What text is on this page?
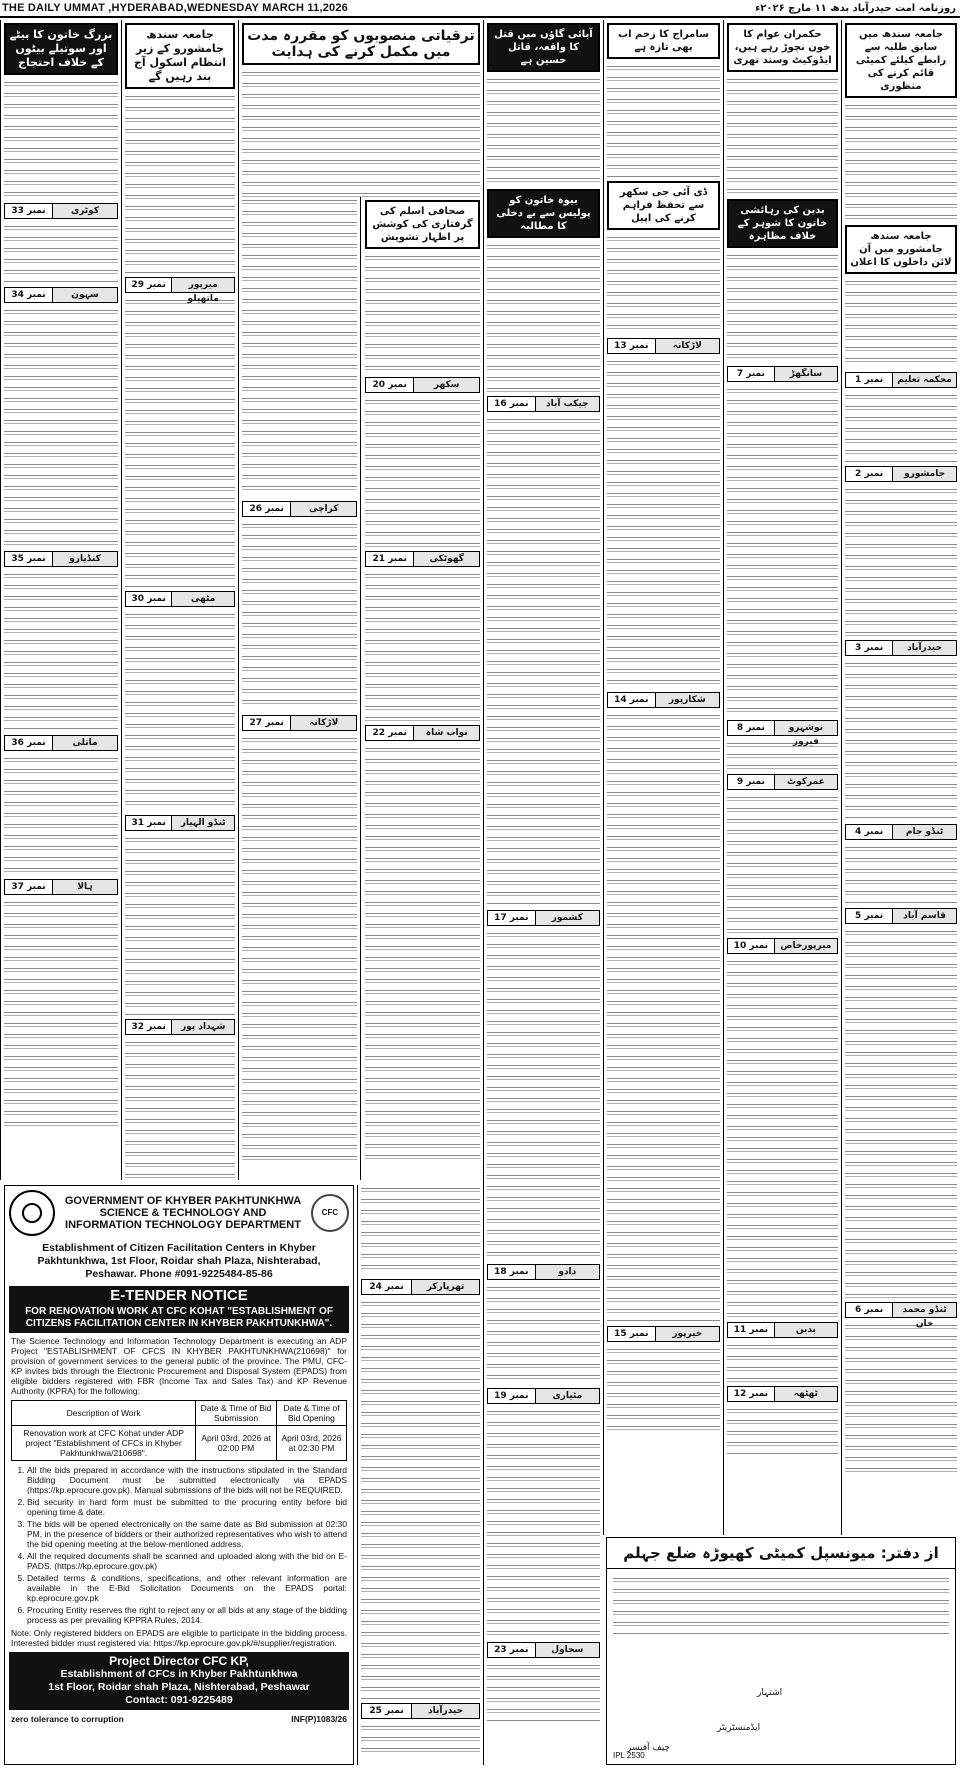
THE DAILY UMMAT ,HYDERABAD,WEDNESDAY MARCH 11,2026	روزنامہ امت حیدرآباد بدھ ۱۱ مارچ ۲۰۲۶ء
بزرگ خاتون کا بیٹے اور سوتیلے بیٹوں کے خلاف احتجاج
کوٹری
نمبر 33
سہون
نمبر 34
کنڈیارو
نمبر 35
ماتلی
نمبر 36
ہالا
نمبر 37
جامعہ سندھ جامشورو کے زیر انتظام اسکول آج بند رہیں گے
میرپور ماتھیلو
نمبر 29
مٹھی
نمبر 30
ٹنڈو الہیار
نمبر 31
شہداد پور
نمبر 32
ترقیاتی منصوبوں کو مقررہ مدت میں مکمل کرنے کی ہدایت
صحافی اسلم کی گرفتاری کی کوشش پر اظہار تشویش
سکھر
نمبر 20
گھوٹکی
نمبر 21
نواب شاہ
نمبر 22
کراچی
نمبر 26
لاڑکانہ
نمبر 27
آبائی گاؤں میں قتل کا واقعہ، قاتل حسین ہے
بیوہ خاتون کو پولیس سے بے دخلی کا مطالبہ
جیکب آباد
نمبر 16
کشمور
نمبر 17
دادو
نمبر 18
مٹیاری
نمبر 19
سجاول
نمبر 23
سامراج کا زخم اب بھی تازہ ہے
ڈی آئی جی سکھر سے تحفظ فراہم کرنے کی اپیل
لاڑکانہ
نمبر 13
شکارپور
نمبر 14
خیرپور
نمبر 15
حکمران عوام کا خون نچوڑ رہے ہیں، ایڈوکیٹ وسند تھری
بدین کی رہائشی خاتون کا شوہر کے خلاف مظاہرہ
سانگھڑ
نمبر 7
نوشہرو فیروز
نمبر 8
عمرکوٹ
نمبر 9
میرپورخاص
نمبر 10
بدین
نمبر 11
ٹھٹھہ
نمبر 12
جامعہ سندھ میں سابق طلبہ سے رابطے کیلئے کمیٹی قائم کرنے کی منظوری
جامعہ سندھ جامشورو میں آن لائن داخلوں کا اعلان
محکمہ تعلیم
نمبر 1
جامشورو
نمبر 2
حیدرآباد
نمبر 3
ٹنڈو جام
نمبر 4
قاسم آباد
نمبر 5
ٹنڈو محمد خان
نمبر 6
تھرپارکر
نمبر 24
حیدرآباد
نمبر 25
GOVERNMENT OF KHYBER PAKHTUNKHWA
SCIENCE & TECHNOLOGY AND
INFORMATION TECHNOLOGY DEPARTMENT
CFC
Establishment of Citizen Facilitation Centers in Khyber Pakhtunkhwa, 1st Floor, Roidar shah Plaza, Nishterabad, Peshawar. Phone #091-9225484-85-86
E-TENDER NOTICE
FOR RENOVATION WORK AT CFC KOHAT "ESTABLISHMENT OF CITIZENS FACILITATION CENTER IN KHYBER PAKHTUNKHWA".

The Science Technology and Information Technology Department is executing an ADP Project "ESTABLISHMENT OF CFCS IN KHYBER PAKHTUNKHWA(210698)" for provision of government services to the general public of the province. The PMU, CFC-KP invites bids through the Electronic Procurement and Disposal System (EPADS) from eligible bidders registered with FBR (Income Tax and Sales Tax) and KP Revenue Authority (KPRA) for the following:

Description of Work	Date & Time of Bid Submission	Date & Time of Bid Opening
Renovation work at CFC Kohat under ADP project "Establishment of CFCs in Khyber Pakhtunkhwa/210698".	April 03rd, 2026 at 02:00 PM	April 03rd, 2026 at 02:30 PM
1. All the bids prepared in accordance with the instructions stipulated in the Standard Bidding Document must be submitted electronically via EPADS (https://kp.eprocure.gov.pk). Manual submissions of the bids will not be REQUIRED.
2. Bid security in hard form must be submitted to the procuring entity before bid opening time & date.
3. The bids will be opened electronically on the same date as Bid submission at 02:30 PM, in the presence of bidders or their authorized representatives who wish to attend the bid opening meeting at the below-mentioned address.
4. All the required documents shall be scanned and uploaded along with the bid on E-PADS. (https://kp.eprocure.gov.pk)
5. Detailed terms & conditions, specifications, and other relevant information are available in the E-Bid Solicitation Documents on the EPADS portal: kp.eprocure.gov.pk
6. Procuring Entity reserves the right to reject any or all bids at any stage of the bidding process as per prevailing KPPRA Rules, 2014.

Note: Only registered bidders on EPADS are eligible to participate in the bidding process. Interested bidder must registered via: https://kp.eprocure.gov.pk/#/supplier/registration.

Project Director CFC KP,
Establishment of CFCs in Khyber Pakhtunkhwa
1st Floor, Roidar shah Plaza, Nishterabad, Peshawar
Contact: 091-9225489
zero tolerance to corruption	INF(P)1083/26
از دفتر: میونسپل کمیٹی کھیوڑہ ضلع جہلم
اشتہار
ایڈمنسٹریٹر
چیف آفیسر
IPL 2530
